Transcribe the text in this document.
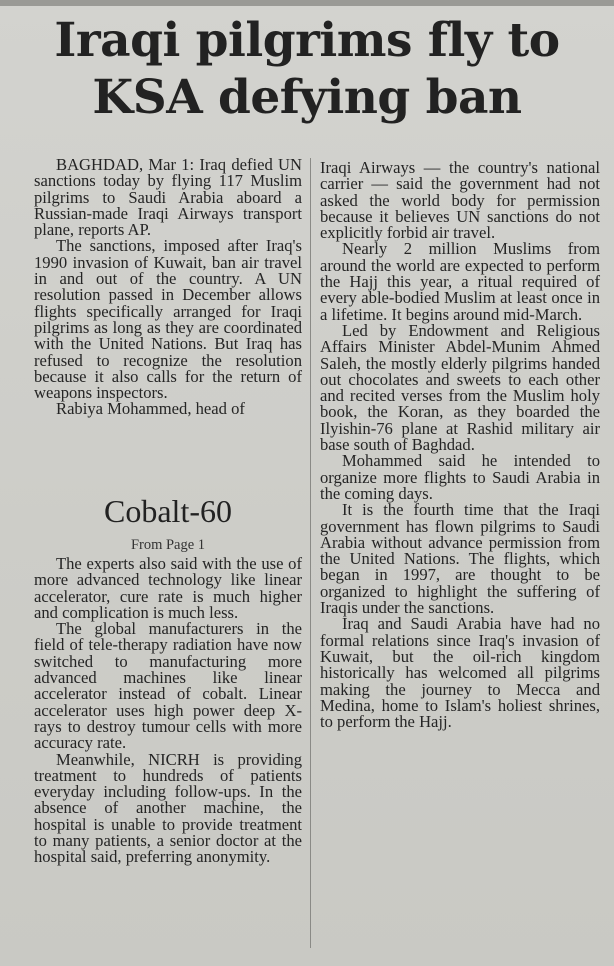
Iraqi pilgrims fly to
KSA defying ban

BAGHDAD, Mar 1: Iraq defied UN sanctions today by flying 117 Muslim pilgrims to Saudi Arabia aboard a Russian-made Iraqi Airways transport plane, reports AP.

The sanctions, imposed after Iraq's 1990 invasion of Kuwait, ban air travel in and out of the country. A UN resolution passed in December allows flights specifically arranged for Iraqi pilgrims as long as they are coordinated with the United Nations. But Iraq has refused to recognize the resolution because it also calls for the return of weapons inspectors.

Rabiya Mohammed, head of

Cobalt-60
From Page 1

The experts also said with the use of more advanced technology like linear accelerator, cure rate is much higher and complication is much less.

The global manufacturers in the field of tele-therapy radiation have now switched to manufacturing more advanced machines like linear accelerator instead of cobalt. Linear accelerator uses high power deep X-rays to destroy tumour cells with more accuracy rate.

Meanwhile, NICRH is providing treatment to hundreds of patients everyday including follow-ups. In the absence of another machine, the hospital is unable to provide treatment to many patients, a senior doctor at the hospital said, preferring anonymity.

Iraqi Airways — the country's national carrier — said the government had not asked the world body for permission because it believes UN sanctions do not explicitly forbid air travel.

Nearly 2 million Muslims from around the world are expected to perform the Hajj this year, a ritual required of every able-bodied Muslim at least once in a lifetime. It begins around mid-March.

Led by Endowment and Religious Affairs Minister Abdel-Munim Ahmed Saleh, the mostly elderly pilgrims handed out chocolates and sweets to each other and recited verses from the Muslim holy book, the Koran, as they boarded the Ilyishin-76 plane at Rashid military air base south of Baghdad.

Mohammed said he intended to organize more flights to Saudi Arabia in the coming days.

It is the fourth time that the Iraqi government has flown pilgrims to Saudi Arabia without advance permission from the United Nations. The flights, which began in 1997, are thought to be organized to highlight the suffering of Iraqis under the sanctions.

Iraq and Saudi Arabia have had no formal relations since Iraq's invasion of Kuwait, but the oil-rich kingdom historically has welcomed all pilgrims making the journey to Mecca and Medina, home to Islam's holiest shrines, to perform the Hajj.
